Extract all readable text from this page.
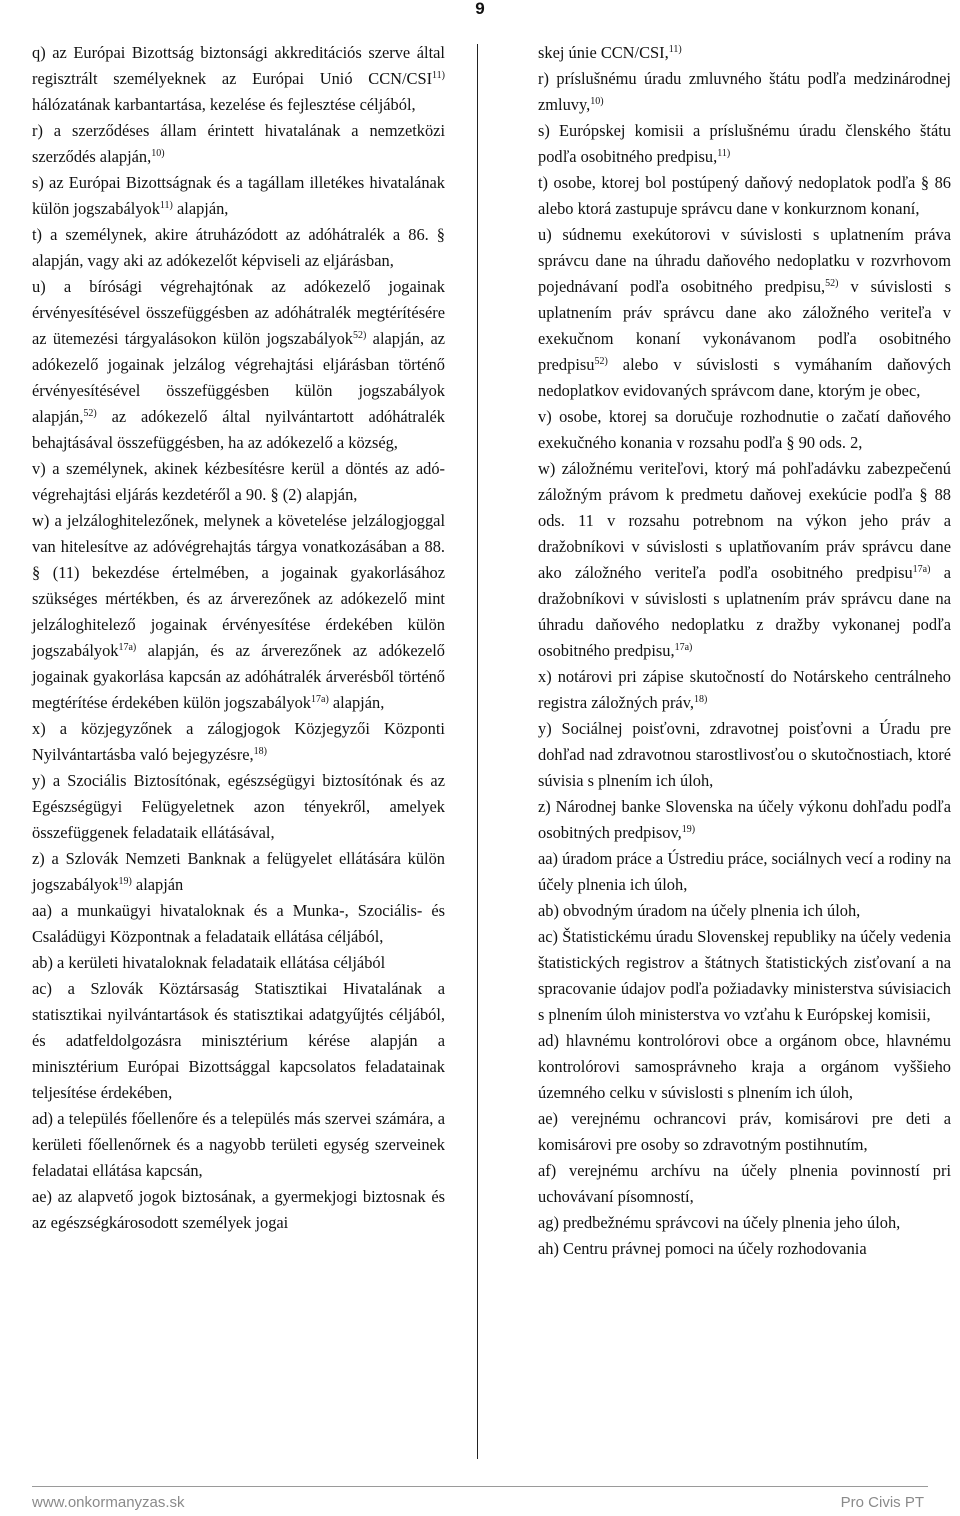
9

q) az Európai Bizottság biztonsági akkreditációs szerve által regisztrált személyeknek az Európai Unió CCN/CSI$^{11)}$ hálózatának karbantartása, kezelése és fejlesztése céljából,

r) a szerződéses állam érintett hivatalának a nemzetközi szerződés alapján,$^{10)}$

s) az Európai Bizottságnak és a tagállam illetékes hivatalának külön jogszabályok$^{11)}$ alapján,

t) a személynek, akire átruházódott az adóhátralék a 86. § alapján, vagy aki az adókezelőt képviseli az eljárásban,

u) a bírósági végrehajtónak az adókezelő jogainak érvényesítésével összefüggésben az adóhátralék megtérítésére az ütemezési tárgyalásokon külön jogszabályok$^{52)}$ alapján, az adókezelő jogainak jelzálog végrehajtási eljárásban történő érvényesítésével összefüggésben külön jogszabályok alapján,$^{52)}$ az adókezelő által nyilvántartott adóhátralék behajtásával összefüggésben, ha az adókezelő a község,

v) a személynek, akinek kézbesítésre kerül a döntés az adó-végrehajtási eljárás kezdetéről a 90. § (2) alapján,

w) a jelzáloghitelezőnek, melynek a követelése jelzálogjoggal van hitelesítve az adóvégrehajtás tárgya vonatkozásában a 88. § (11) bekezdése értelmében, a jogainak gyakorlásához szükséges mértékben, és az árverezőnek az adókezelő mint jelzáloghitelező jogainak érvényesítése érdekében külön jogszabályok$^{17a)}$ alapján, és az árverezőnek az adókezelő jogainak gyakorlása kapcsán az adóhátralék árverésből történő megtérítése érdekében külön jogszabályok$^{17a)}$ alapján,

x) a közjegyzőnek a zálogjogok Közjegyzői Központi Nyilvántartásba való bejegyzésre,$^{18)}$

y) a Szociális Biztosítónak, egészségügyi biztosítónak és az Egészségügyi Felügyeletnek azon tényekről, amelyek összefüggenek feladataik ellátásával,

z) a Szlovák Nemzeti Banknak a felügyelet ellátására külön jogszabályok$^{19)}$ alapján

aa) a munkaügyi hivataloknak és a Munka-, Szociális- és Családügyi Központnak a feladataik ellátása céljából,

ab) a kerületi hivataloknak feladataik ellátása céljából

ac) a Szlovák Köztársaság Statisztikai Hivatalának a statisztikai nyilvántartások és statisztikai adatgyűjtés céljából, és adatfeldolgozásra minisztérium kérése alapján a minisztérium Európai Bizottsággal kapcsolatos feladatainak teljesítése érdekében,

ad) a település főellenőre és a település más szervei számára, a kerületi főellenőrnek és a nagyobb területi egység szerveinek feladatai ellátása kapcsán,

ae) az alapvető jogok biztosának, a gyermekjogi biztosnak és az egészségkárosodott személyek jogai

skej únie CCN/CSI,$^{11)}$

r) príslušnému úradu zmluvného štátu podľa medzinárodnej zmluvy,$^{10)}$

s) Európskej komisii a príslušnému úradu členského štátu podľa osobitného predpisu,$^{11)}$

t) osobe, ktorej bol postúpený daňový nedoplatok podľa § 86 alebo ktorá zastupuje správcu dane v konkurznom konaní,

u) súdnemu exekútorovi v súvislosti s uplatnením práva správcu dane na úhradu daňového nedoplatku v rozvrhovom pojednávaní podľa osobitného predpisu,$^{52)}$ v súvislosti s uplatnením práv správcu dane ako záložného veriteľa v exekučnom konaní vykonávanom podľa osobitného predpisu$^{52)}$ alebo v súvislosti s vymáhaním daňových nedoplatkov evidovaných správcom dane, ktorým je obec,

v) osobe, ktorej sa doručuje rozhodnutie o začatí daňového exekučného konania v rozsahu podľa § 90 ods. 2,

w) záložnému veriteľovi, ktorý má pohľadávku zabezpečenú záložným právom k predmetu daňovej exekúcie podľa § 88 ods. 11 v rozsahu potrebnom na výkon jeho práv a dražobníkovi v súvislosti s uplatňovaním práv správcu dane ako záložného veriteľa podľa osobitného predpisu$^{17a)}$ a dražobníkovi v súvislosti s uplatnením práv správcu dane na úhradu daňového nedoplatku z dražby vykonanej podľa osobitného predpisu,$^{17a)}$

x) notárovi pri zápise skutočností do Notárskeho centrálneho registra záložných práv,$^{18)}$

y) Sociálnej poisťovni, zdravotnej poisťovni a Úradu pre dohľad nad zdravotnou starostlivosťou o skutočnostiach, ktoré súvisia s plnením ich úloh,

z) Národnej banke Slovenska na účely výkonu dohľadu podľa osobitných predpisov,$^{19)}$

aa) úradom práce a Ústrediu práce, sociálnych vecí a rodiny na účely plnenia ich úloh,

ab) obvodným úradom na účely plnenia ich úloh,

ac) Štatistickému úradu Slovenskej republiky na účely vedenia štatistických registrov a štátnych štatistických zisťovaní a na spracovanie údajov podľa požiadavky ministerstva súvisiacich s plnením úloh ministerstva vo vzťahu k Európskej komisii,

ad) hlavnému kontrolórovi obce a orgánom obce, hlavnému kontrolórovi samosprávneho kraja a orgánom vyššieho územného celku v súvislosti s plnením ich úloh,

ae) verejnému ochrancovi práv, komisárovi pre deti a komisárovi pre osoby so zdravotným postihnutím,

af) verejnému archívu na účely plnenia povinností pri uchovávaní písomností,

ag) predbežnému správcovi na účely plnenia jeho úloh,

ah) Centru právnej pomoci na účely rozhodovania

www.onkormanyzas.sk	Pro Civis PT
